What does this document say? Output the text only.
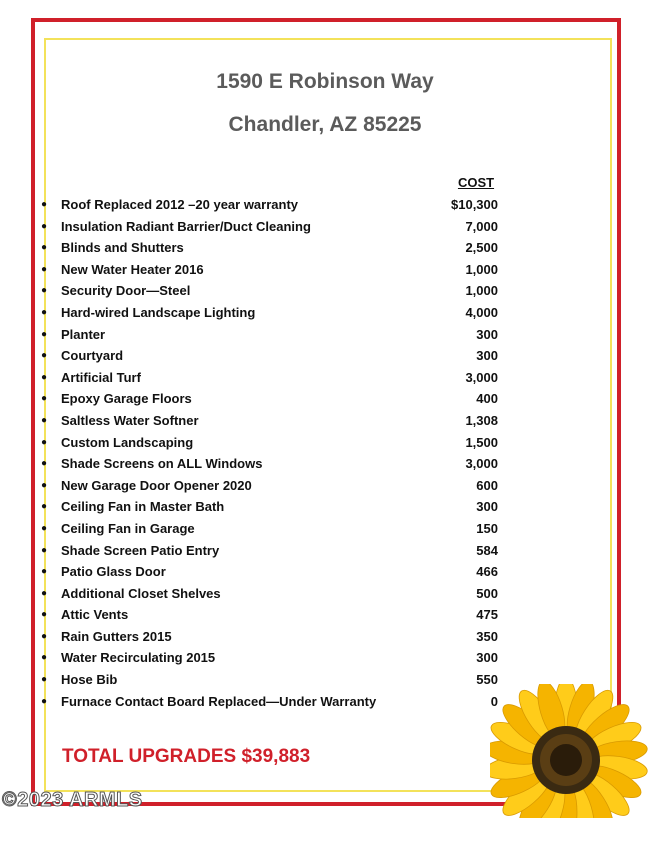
1590 E Robinson Way
Chandler, AZ 85225
COST
● Roof Replaced 2012 –20 year warranty	$10,300
● Insulation Radiant Barrier/Duct Cleaning	7,000
● Blinds and Shutters	2,500
● New Water Heater 2016	1,000
● Security Door—Steel	1,000
● Hard-wired Landscape Lighting	4,000
● Planter	300
● Courtyard	300
● Artificial Turf	3,000
● Epoxy Garage Floors	400
● Saltless Water Softner	1,308
● Custom Landscaping	1,500
● Shade Screens on ALL Windows	3,000
● New Garage Door Opener 2020	600
● Ceiling Fan in Master Bath	300
● Ceiling Fan in Garage	150
● Shade Screen Patio Entry	584
● Patio Glass Door	466
● Additional Closet Shelves	500
● Attic Vents	475
● Rain Gutters 2015	350
● Water Recirculating 2015	300
● Hose Bib	550
● Furnace Contact Board Replaced—Under Warranty	0
TOTAL UPGRADES $39,883
©2023 ARMLS
